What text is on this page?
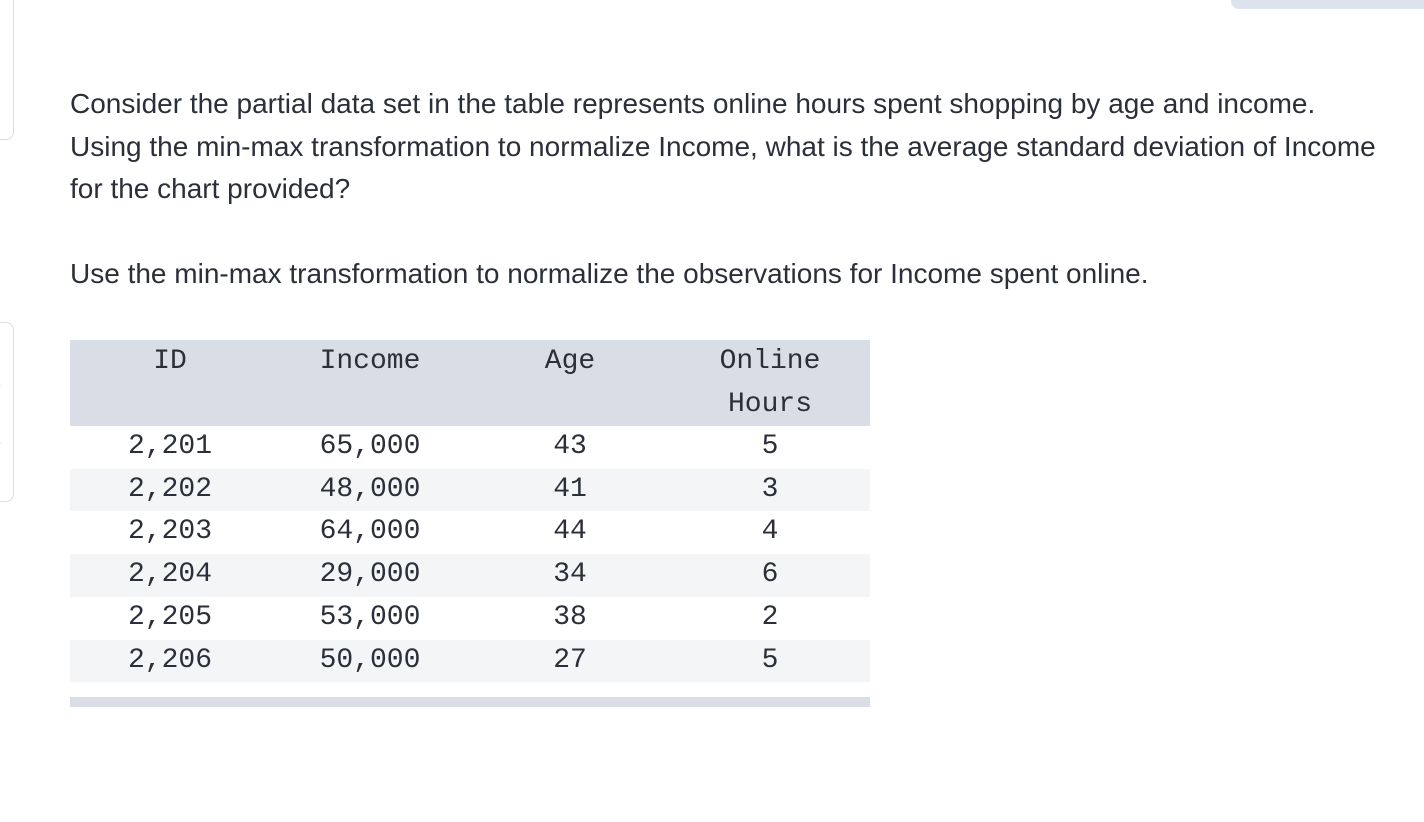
Consider the partial data set in the table represents online hours spent shopping by age and income. Using the min-max transformation to normalize Income, what is the average standard deviation of Income for the chart provided?

Use the min-max transformation to normalize the observations for Income spent online.

ID	Income	Age	Online
Hours
2,201	65,000	43	5
2,202	48,000	41	3
2,203	64,000	44	4
2,204	29,000	34	6
2,205	53,000	38	2
2,206	50,000	27	5
